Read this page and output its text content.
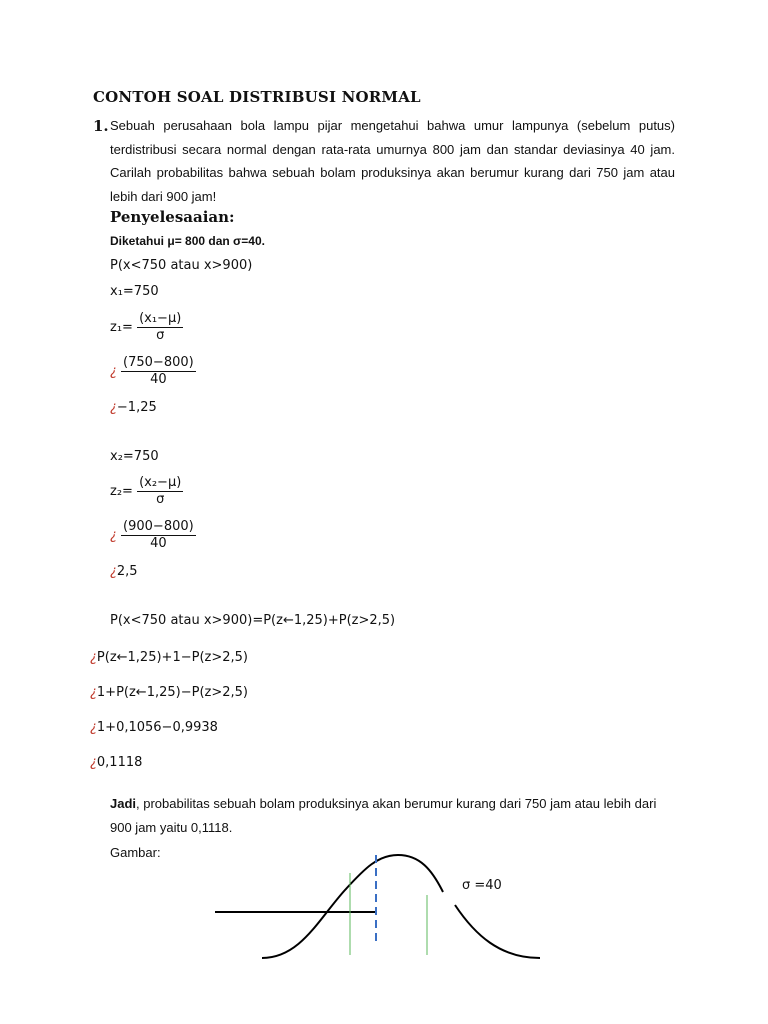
CONTOH SOAL DISTRIBUSI NORMAL
1. Sebuah perusahaan bola lampu pijar mengetahui bahwa umur lampunya (sebelum putus) terdistribusi secara normal dengan rata-rata umurnya 800 jam dan standar deviasinya 40 jam. Carilah probabilitas bahwa sebuah bolam produksinya akan berumur kurang dari 750 jam atau lebih dari 900 jam!
Penyelesaaian:
Diketahui μ= 800 dan σ=40.
P(x<750 atau x>900)
x₁=750
$z_1= \frac{\text{(x₁−μ)}}{\sigma}$
¿ $\frac{(750-800)}{40}$
¿−1,25
x₂=750
$z_2= \frac{\text{(x₂−μ)}}{\sigma}$
¿ $\frac{(900-800)}{40}$
¿2,5
P(x<750 atau x>900)=P(z←1,25)+P(z>2,5)
¿P(z←1,25)+1−P(z>2,5)
¿1+P(z←1,25)−P(z>2,5)
¿1+0,1056−0,9938
¿0,1118
Jadi, probabilitas sebuah bolam produksinya akan berumur kurang dari 750 jam atau lebih dari 900 jam yaitu 0,1118.
Gambar:
σ =40
